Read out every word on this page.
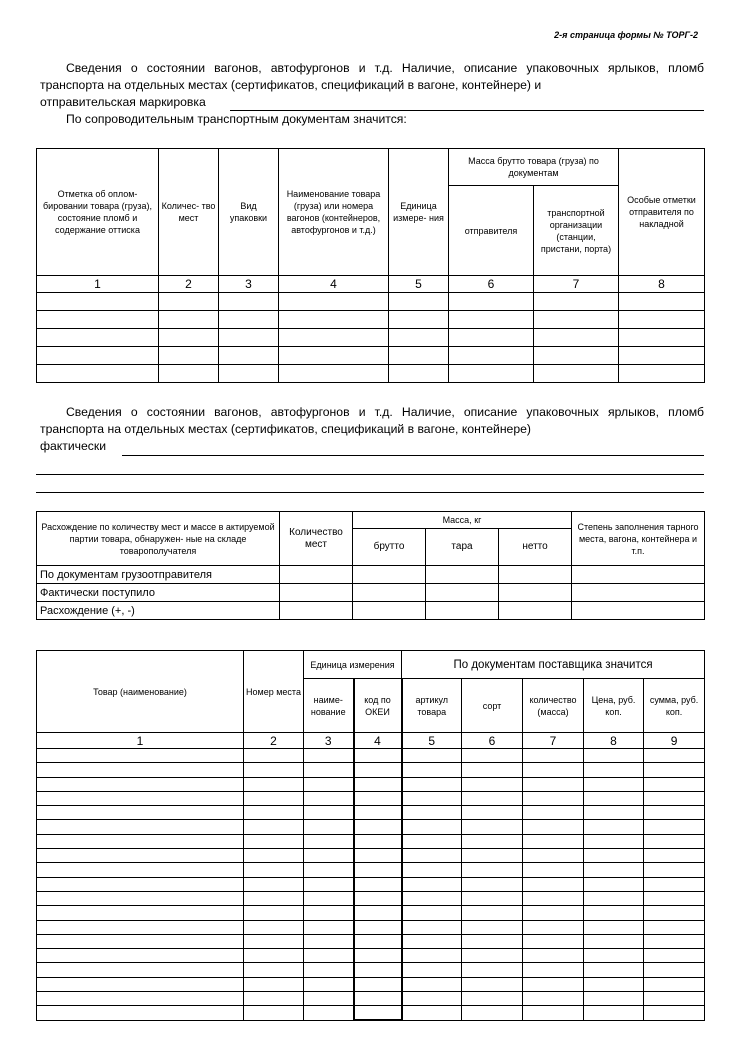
2-я страница формы № ТОРГ-2
Сведения о состоянии вагонов, автофургонов и т.д. Наличие, описание упаковочных ярлыков, пломб
транспорта на отдельных местах (сертификатов, спецификаций в вагоне, контейнере) и
отправительская маркировка
По сопроводительным транспортным документам значится:
Отметка об оплом- бировании товара (груза), состояние пломб и содержание оттиска	Количес- тво мест	Вид упаковки	Наименование товара (груза) или номера вагонов (контейнеров, автофургонов и т.д.)	Единица измере- ния	Масса брутто товара (груза) по документам		Особые отметки отправителя по накладной
					отправителя	транспортной организации (станции, пристани, порта)	
1	2	3	4	5	6	7	8

Сведения о состоянии вагонов, автофургонов и т.д. Наличие, описание упаковочных ярлыков, пломб
транспорта на отдельных местах (сертификатов, спецификаций в вагоне, контейнере)
фактически
Расхождение по количеству мест и массе в актируемой партии товара, обнаружен- ные на складе товарополучателя	Количество мест	Масса, кг			Степень заполнения тарного места, вагона, контейнера и т.п.
		брутто	тара	нетто	
По документам грузоотправителя					
Фактически поступило					
Расхождение (+, -)					
Товар (наименование)	Номер места	Единица измерения		По документам поставщика значится				
		наиме- нование	код по ОКЕИ	артикул товара	сорт	количество (масса)	Цена, руб. коп.	сумма, руб. коп.
1	2	3	4	5	6	7	8	9
